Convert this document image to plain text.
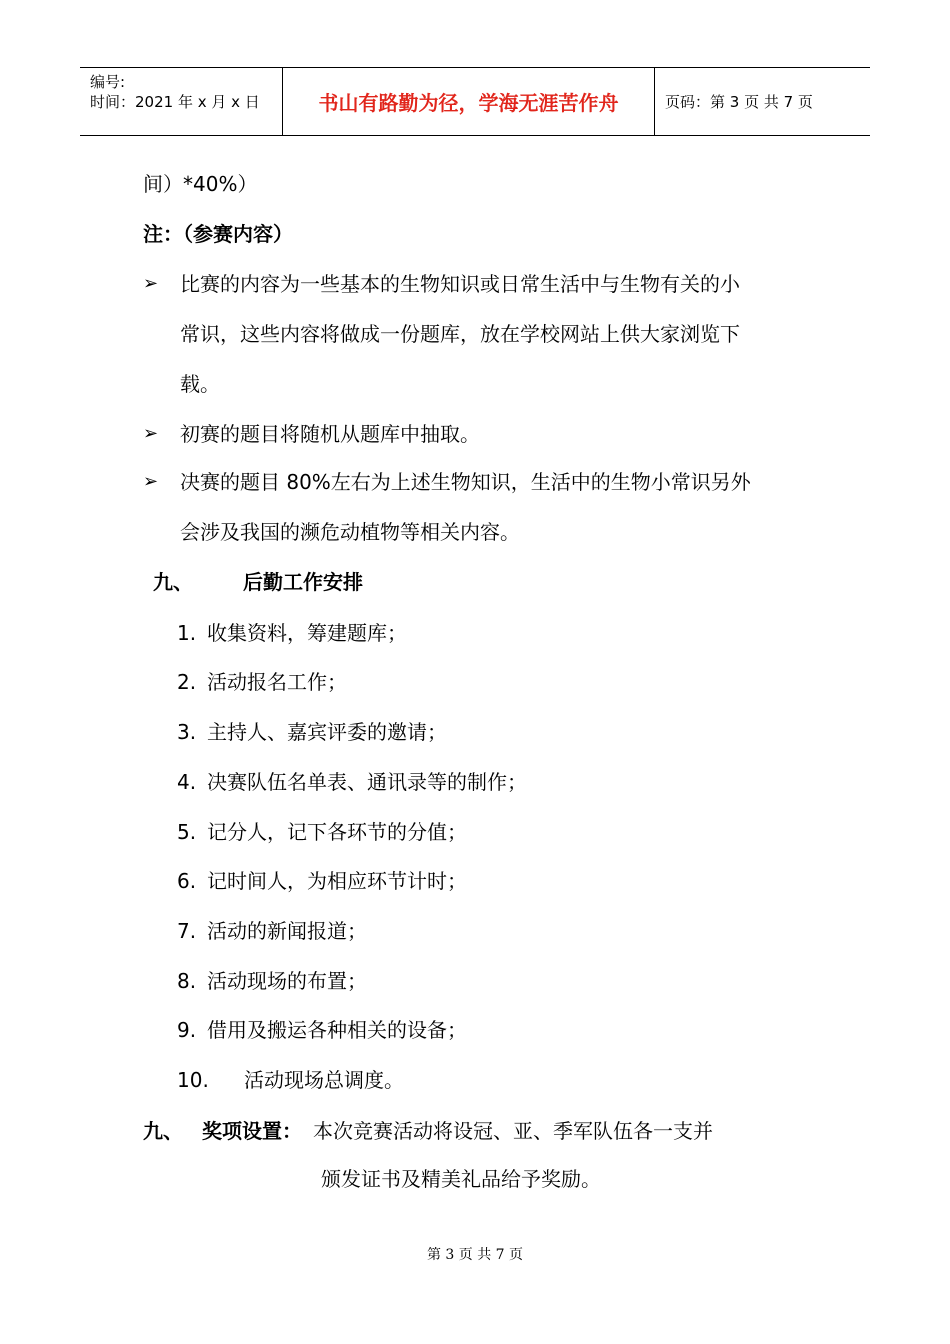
编号:
时间：2021 年 x 月 x 日	书山有路勤为径，学海无涯苦作舟	页码：第 3 页 共 7 页
间）*40%）
注：（参赛内容）
➢ 比赛的内容为一些基本的生物知识或日常生活中与生物有关的小
常识，这些内容将做成一份题库，放在学校网站上供大家浏览下
载。
➢ 初赛的题目将随机从题库中抽取。
➢ 决赛的题目 80%左右为上述生物知识，生活中的生物小常识另外
会涉及我国的濒危动植物等相关内容。
九、	后勤工作安排
1. 收集资料，筹建题库；
2. 活动报名工作；
3. 主持人、嘉宾评委的邀请；
4. 决赛队伍名单表、通讯录等的制作；
5. 记分人，记下各环节的分值；
6. 记时间人，为相应环节计时；
7. 活动的新闻报道；
8. 活动现场的布置；
9. 借用及搬运各种相关的设备；
10. 活动现场总调度。
九、 奖项设置： 本次竞赛活动将设冠、亚、季军队伍各一支并
颁发证书及精美礼品给予奖励。
第 3 页 共 7 页
